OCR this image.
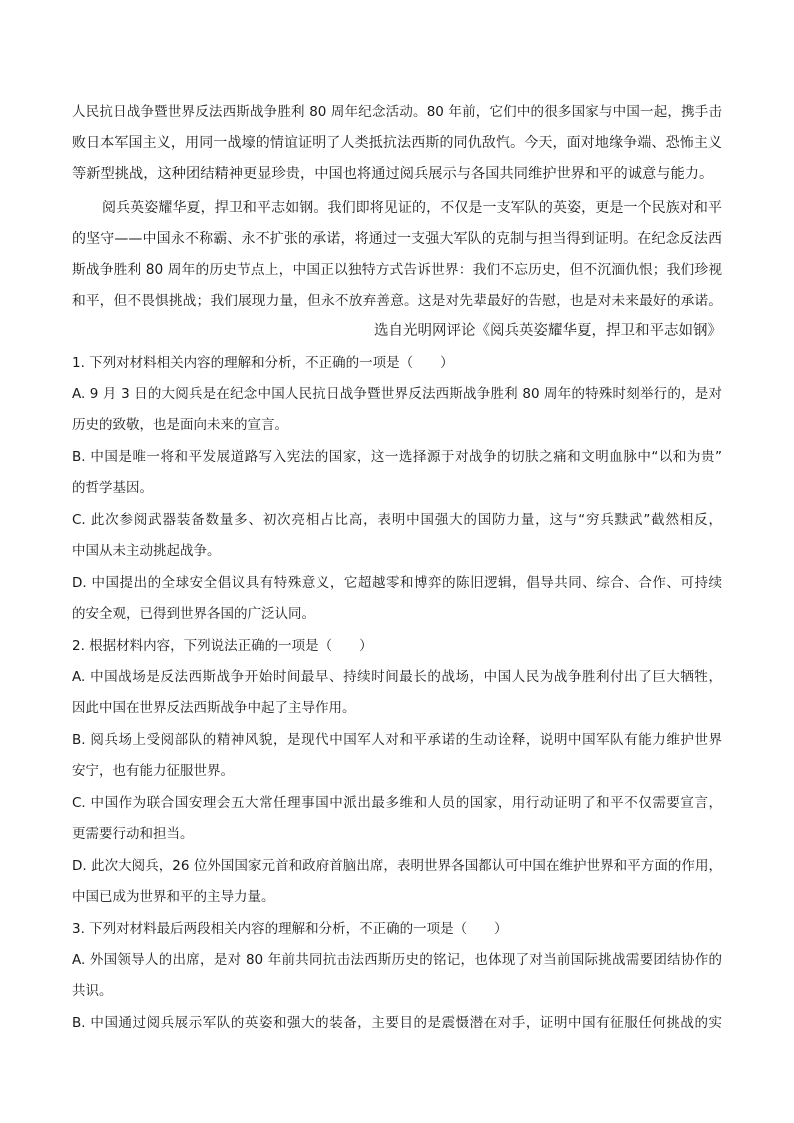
人民抗日战争暨世界反法西斯战争胜利 80 周年纪念活动。80 年前，它们中的很多国家与中国一起，携手击
败日本军国主义，用同一战壕的情谊证明了人类抵抗法西斯的同仇敌忾。今天，面对地缘争端、恐怖主义
等新型挑战，这种团结精神更显珍贵，中国也将通过阅兵展示与各国共同维护世界和平的诚意与能力。
阅兵英姿耀华夏，捍卫和平志如钢。我们即将见证的，不仅是一支军队的英姿，更是一个民族对和平
的坚守——中国永不称霸、永不扩张的承诺，将通过一支强大军队的克制与担当得到证明。在纪念反法西
斯战争胜利 80 周年的历史节点上，中国正以独特方式告诉世界：我们不忘历史，但不沉湎仇恨；我们珍视
和平，但不畏惧挑战；我们展现力量，但永不放弃善意。这是对先辈最好的告慰，也是对未来最好的承诺。
选自光明网评论《阅兵英姿耀华夏，捍卫和平志如钢》
1. 下列对材料相关内容的理解和分析，不正确的一项是（　　）
A. 9 月 3 日的大阅兵是在纪念中国人民抗日战争暨世界反法西斯战争胜利 80 周年的特殊时刻举行的，是对
历史的致敬，也是面向未来的宣言。
B. 中国是唯一将和平发展道路写入宪法的国家，这一选择源于对战争的切肤之痛和文明血脉中“以和为贵”
的哲学基因。
C. 此次参阅武器装备数量多、初次亮相占比高，表明中国强大的国防力量，这与“穷兵黩武”截然相反，
中国从未主动挑起战争。
D. 中国提出的全球安全倡议具有特殊意义，它超越零和博弈的陈旧逻辑，倡导共同、综合、合作、可持续
的安全观，已得到世界各国的广泛认同。
2. 根据材料内容，下列说法正确的一项是（　　）
A. 中国战场是反法西斯战争开始时间最早、持续时间最长的战场，中国人民为战争胜利付出了巨大牺牲，
因此中国在世界反法西斯战争中起了主导作用。
B. 阅兵场上受阅部队的精神风貌，是现代中国军人对和平承诺的生动诠释，说明中国军队有能力维护世界
安宁，也有能力征服世界。
C. 中国作为联合国安理会五大常任理事国中派出最多维和人员的国家，用行动证明了和平不仅需要宣言，
更需要行动和担当。
D. 此次大阅兵，26 位外国国家元首和政府首脑出席，表明世界各国都认可中国在维护世界和平方面的作用，
中国已成为世界和平的主导力量。
3. 下列对材料最后两段相关内容的理解和分析，不正确的一项是（　　）
A. 外国领导人的出席，是对 80 年前共同抗击法西斯历史的铭记，也体现了对当前国际挑战需要团结协作的
共识。
B. 中国通过阅兵展示军队的英姿和强大的装备，主要目的是震慑潜在对手，证明中国有征服任何挑战的实
